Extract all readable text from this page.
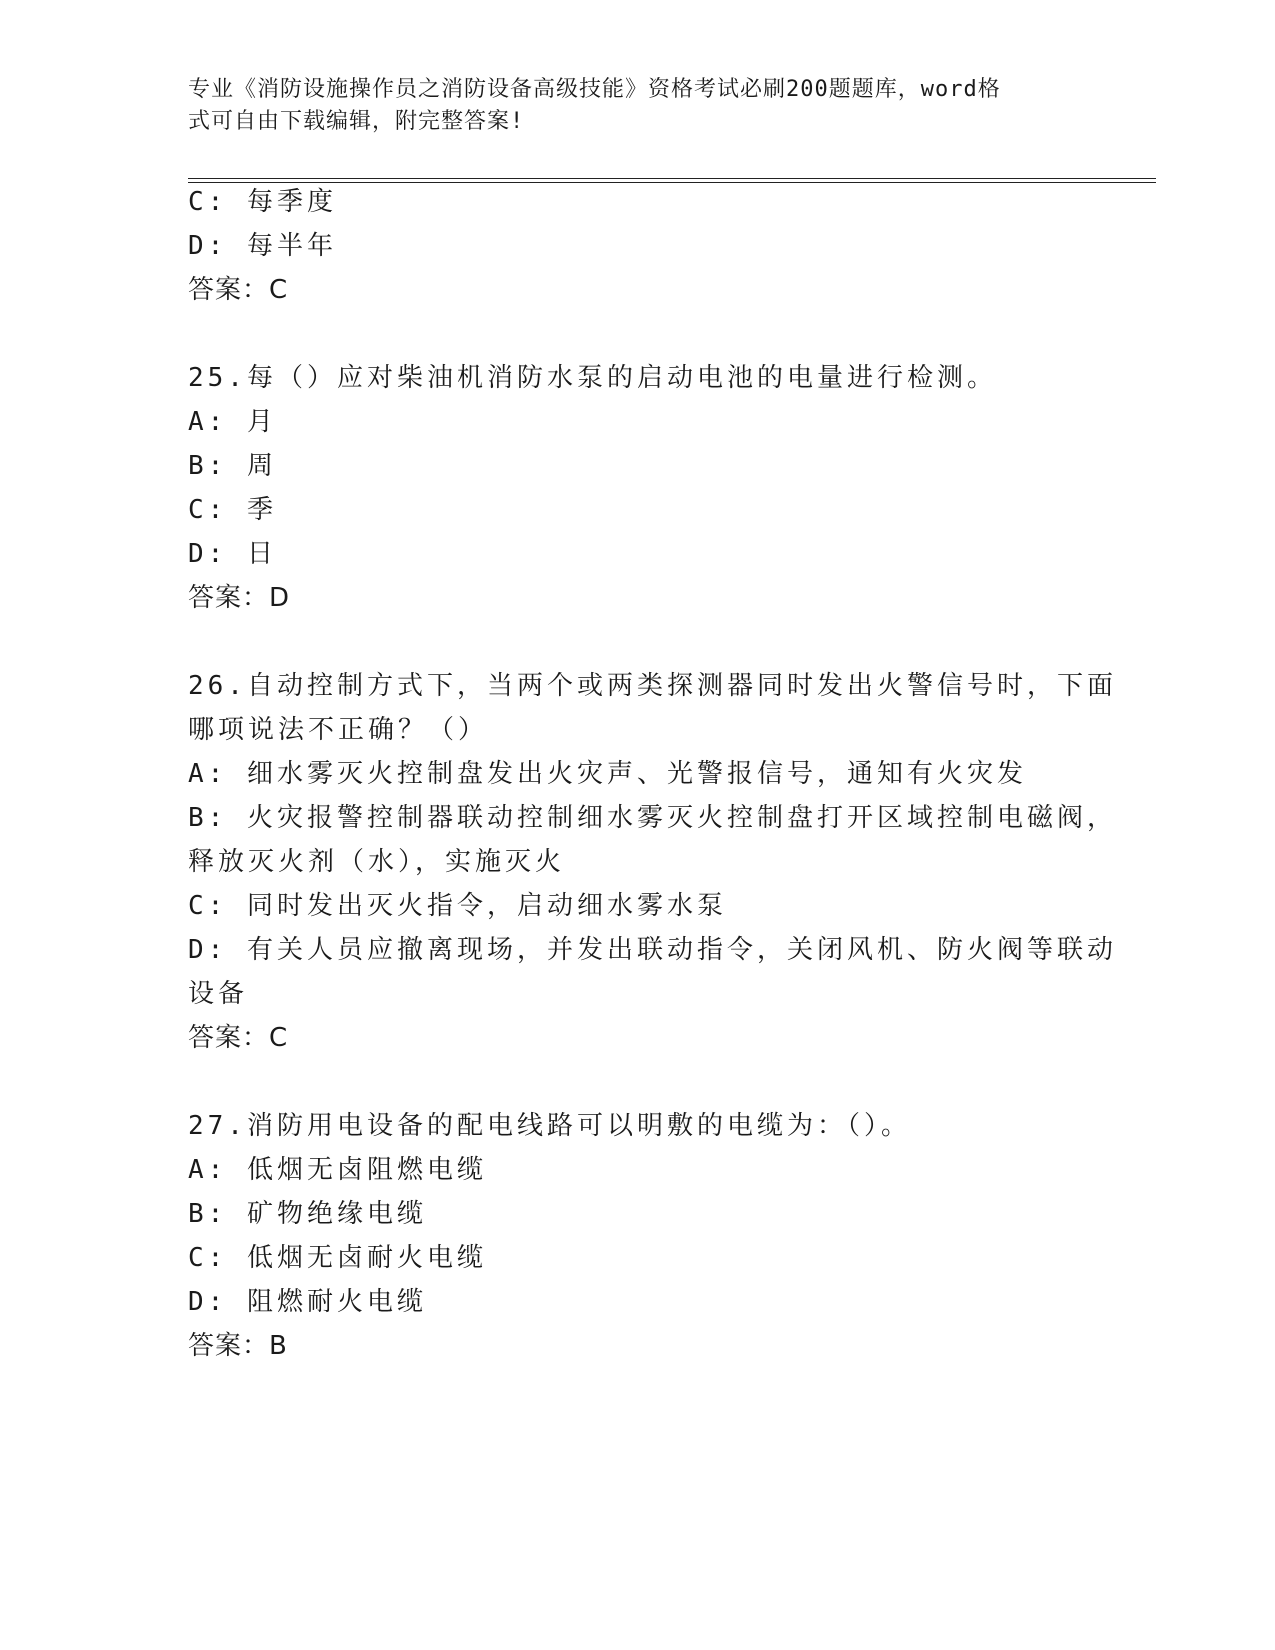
专业《消防设施操作员之消防设备高级技能》资格考试必刷200题题库，word格
式可自由下载编辑，附完整答案!
C: 每季度
D: 每半年
答案：C
25.每（）应对柴油机消防水泵的启动电池的电量进行检测。
A: 月
B: 周
C: 季
D: 日
答案：D
26.自动控制方式下，当两个或两类探测器同时发出火警信号时，下面
哪项说法不正确？（）
A: 细水雾灭火控制盘发出火灾声、光警报信号，通知有火灾发
B: 火灾报警控制器联动控制细水雾灭火控制盘打开区域控制电磁阀，
释放灭火剂（水），实施灭火
C: 同时发出灭火指令，启动细水雾水泵
D: 有关人员应撤离现场，并发出联动指令，关闭风机、防火阀等联动
设备
答案：C
27.消防用电设备的配电线路可以明敷的电缆为：（）。
A: 低烟无卤阻燃电缆
B: 矿物绝缘电缆
C: 低烟无卤耐火电缆
D: 阻燃耐火电缆
答案：B
